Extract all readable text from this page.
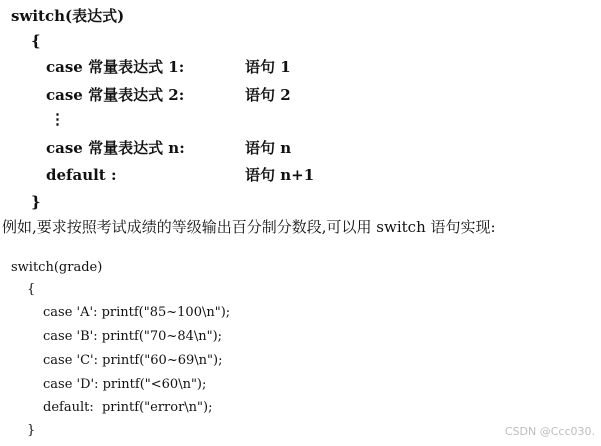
switch(表达式)
{
case 常量表达式 1:	语句 1
case 常量表达式 2:	语句 2
⋮
case 常量表达式 n:	语句 n
default :	语句 n+1
}
例如,要求按照考试成绩的等级输出百分制分数段,可以用 switch 语句实现:
switch(grade)
{
case 'A': printf("85~100\n");
case 'B': printf("70~84\n");
case 'C': printf("60~69\n");
case 'D': printf("<60\n");
default:  printf("error\n");
}	CSDN @Ccc030.
